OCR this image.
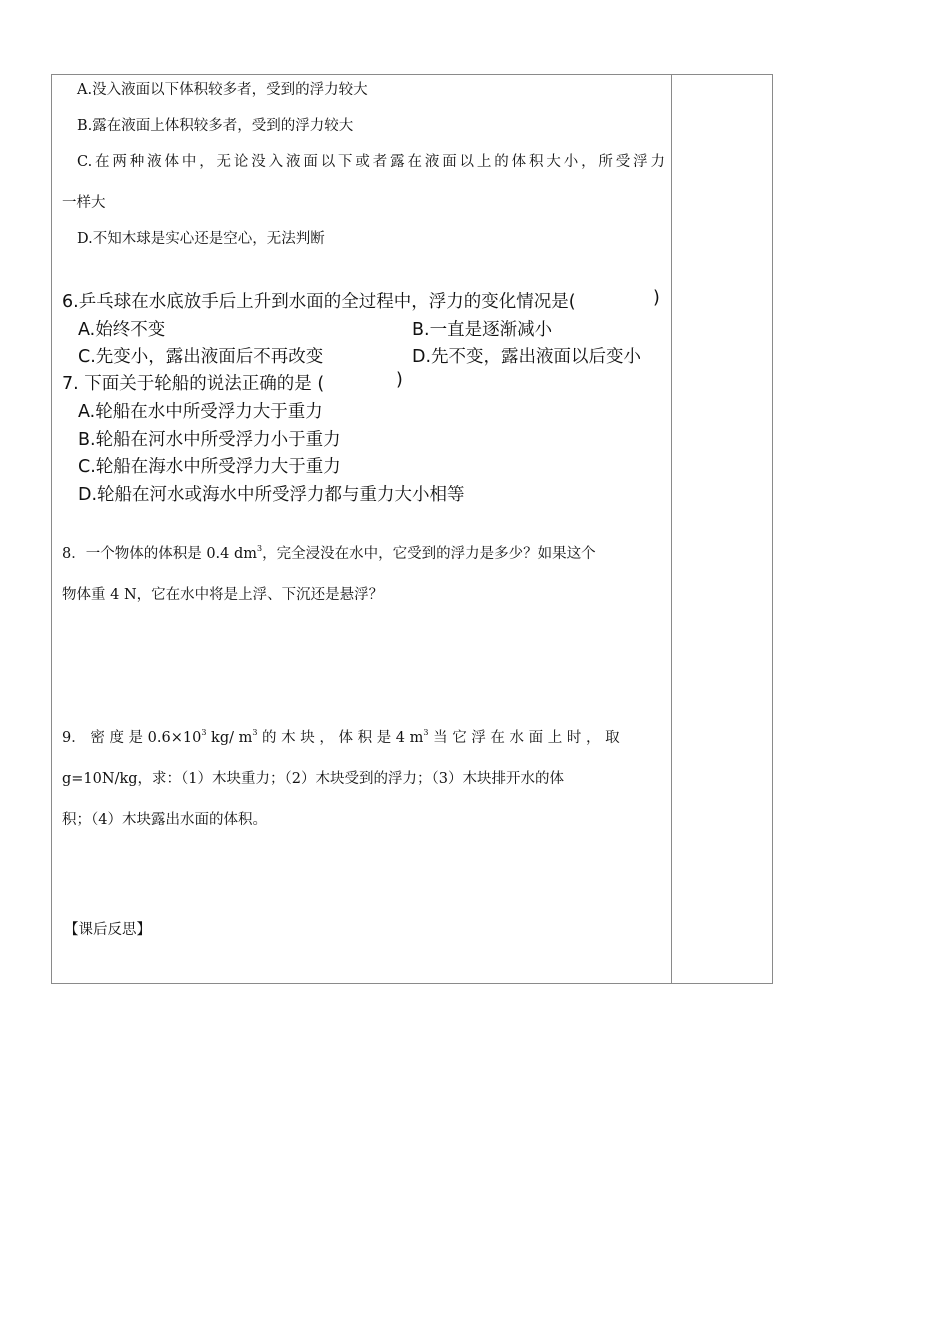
A.没入液面以下体积较多者，受到的浮力较大
B.露在液面上体积较多者，受到的浮力较大
C.在两种液体中，无论没入液面以下或者露在液面以上的体积大小，所受浮力
一样大
D.不知木球是实心还是空心，无法判断
6.乒乓球在水底放手后上升到水面的全过程中，浮力的变化情况是(	)
A.始终不变	B.一直是逐渐减小
C.先变小，露出液面后不再改变	D.先不变，露出液面以后变小
7. 下面关于轮船的说法正确的是 (	)
A.轮船在水中所受浮力大于重力
B.轮船在河水中所受浮力小于重力
C.轮船在海水中所受浮力大于重力
D.轮船在河水或海水中所受浮力都与重力大小相等
8．一个物体的体积是 0.4 $dm^3$，完全浸没在水中，它受到的浮力是多少？如果这个
物体重 4 N，它在水中将是上浮、下沉还是悬浮？
9． 密 度 是 $0.6\times 10^3$ kg/ $m^3$ 的 木 块 ， 体 积 是 4 $m^3$ 当 它 浮 在 水 面 上 时 ， 取
g=10N/kg，求：（1）木块重力；（2）木块受到的浮力；（3）木块排开水的体
积；（4）木块露出水面的体积。
【课后反思】
